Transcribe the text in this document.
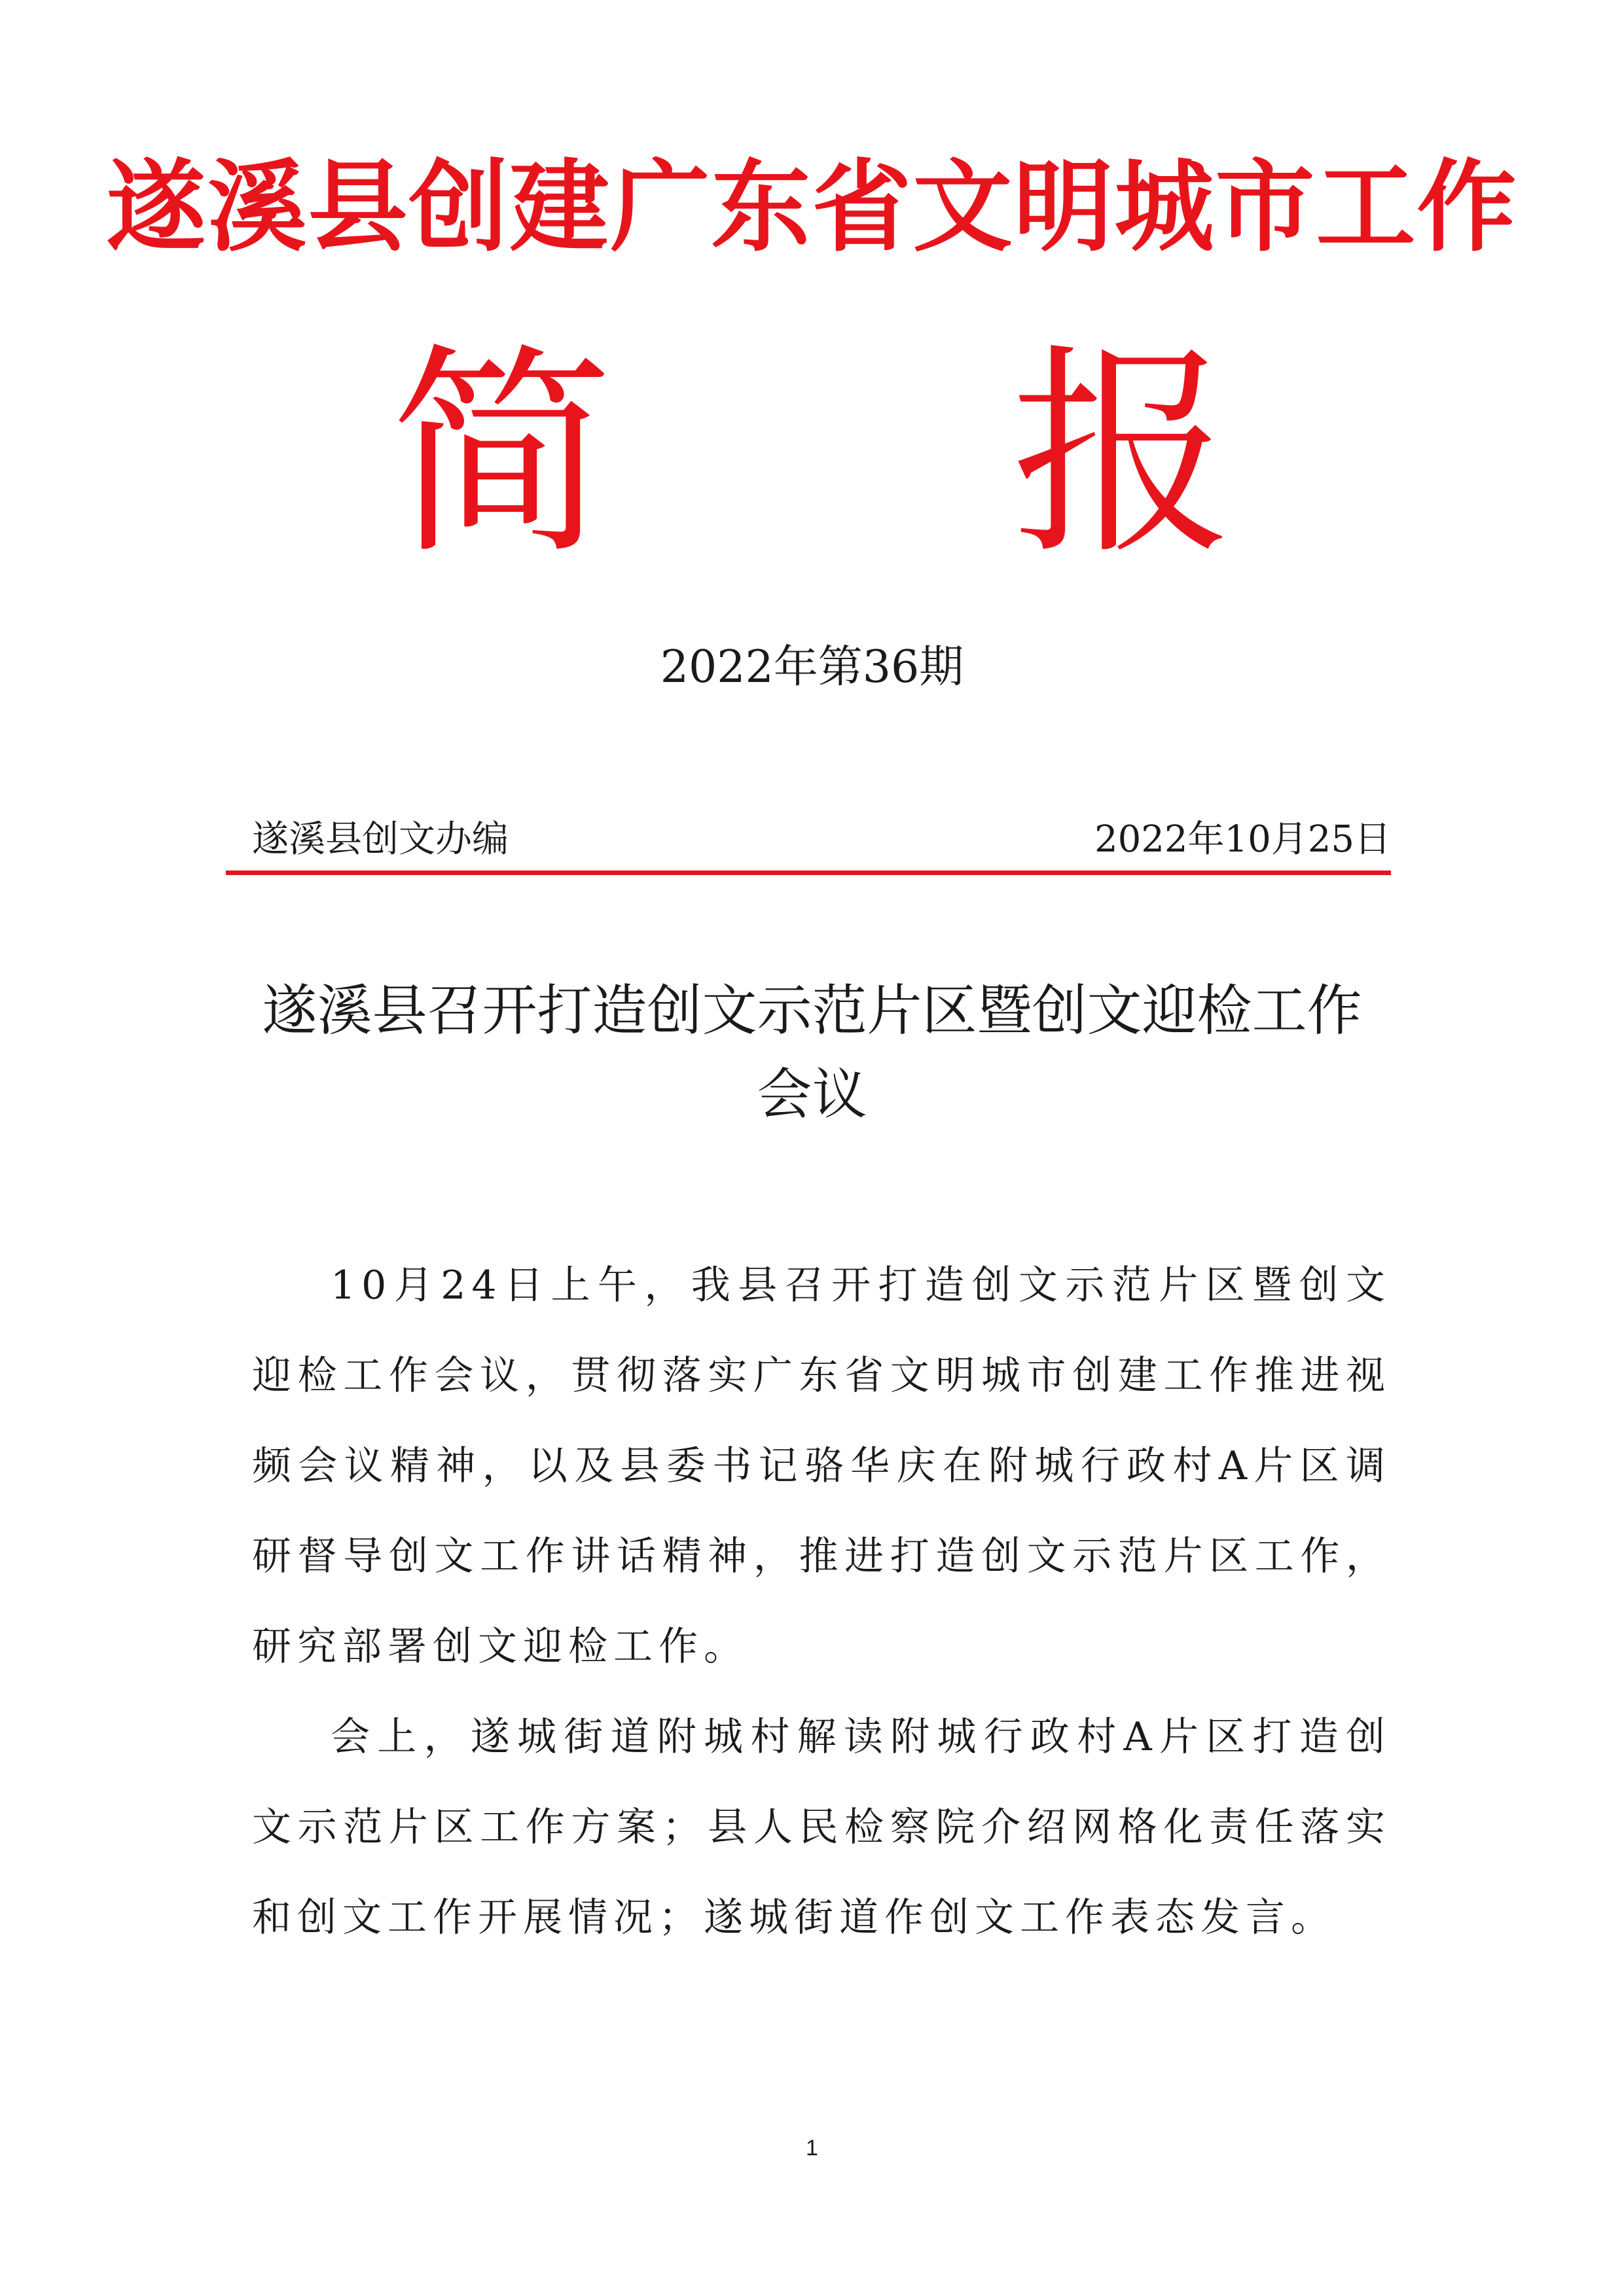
遂溪县创建广东省文明城市工作
简 报
2022年第36期
遂溪县创文办编	2022年10月25日
遂溪县召开打造创文示范片区暨创文迎检工作
会议

10月24日上午，我县召开打造创文示范片区暨创文迎检工作会议，贯彻落实广东省文明城市创建工作推进视频会议精神，以及县委书记骆华庆在附城行政村A片区调研督导创文工作讲话精神，推进打造创文示范片区工作，研究部署创文迎检工作。

会上，遂城街道附城村解读附城行政村A片区打造创文示范片区工作方案；县人民检察院介绍网格化责任落实和创文工作开展情况；遂城街道作创文工作表态发言。

1
